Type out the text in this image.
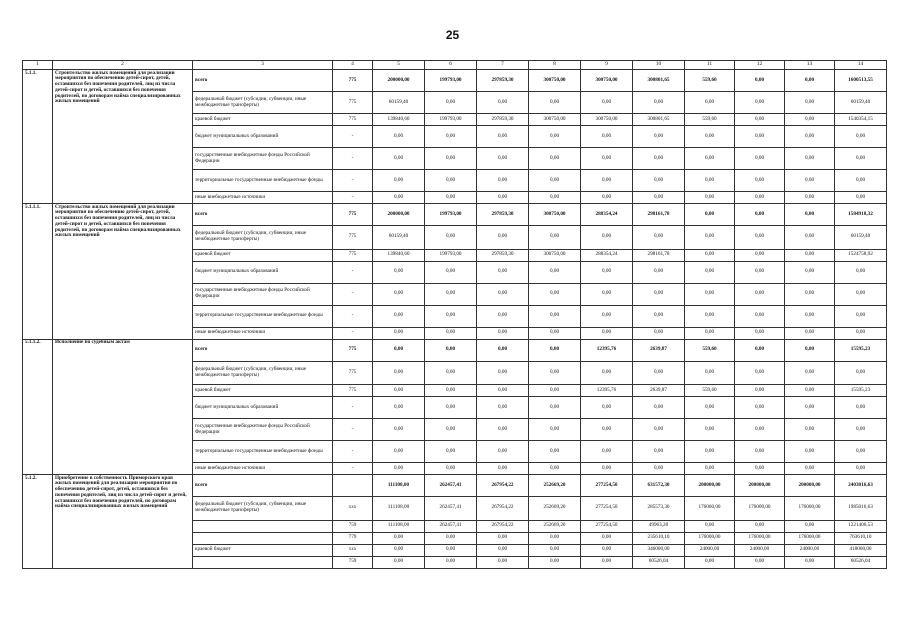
25
1	2	3	4	5	6	7	8	9	10	11	12	13	14
5.1.1.	Строительство жилых помещений для реализации мероприятия по обеспечению детей-сирот, детей, оставшихся без попечения родителей, лиц из числа детей-сирот и детей, оставшихся без попечения родителей, по договорам найма специализированных жилых помещений	всего	775	200000,00	199793,00	297859,30	300750,00	300750,00	300801,65	559,60	0,00	0,00	1600513,55
		федеральный бюджет (субсидии, субвенции, иные межбюджетные трансферты)	775	60159,40	0,00	0,00	0,00	0,00	0,00	0,00	0,00	0,00	60159,40
		краевой бюджет	775	139840,60	199793,00	297859,30	300750,00	300750,00	300801,65	559,60	0,00	0,00	1540354,15
		бюджет муниципальных образований	-	0,00	0,00	0,00	0,00	0,00	0,00	0,00	0,00	0,00	0,00
		государственные внебюджетные фонды Российской Федерации	-	0,00	0,00	0,00	0,00	0,00	0,00	0,00	0,00	0,00	0,00
		территориальные государственные внебюджетные фонды	-	0,00	0,00	0,00	0,00	0,00	0,00	0,00	0,00	0,00	0,00
		иные внебюджетные источники	-	0,00	0,00	0,00	0,00	0,00	0,00	0,00	0,00	0,00	0,00
5.1.1.1.	Строительство жилых помещений для реализации мероприятия по обеспечению детей-сирот, детей, оставшихся без попечения родителей, лиц из числа детей-сирот и детей, оставшихся без попечения родителей, по договорам найма специализированных жилых помещений	всего	775	200000,00	199793,00	297859,30	300750,00	288354,24	298161,78	0,00	0,00	0,00	1584918,32
		федеральный бюджет (субсидии, субвенции, иные межбюджетные трансферты)	775	60159,40	0,00	0,00	0,00	0,00	0,00	0,00	0,00	0,00	60159,40
		краевой бюджет	775	139840,60	199793,00	297859,30	300750,00	288354,24	298161,78	0,00	0,00	0,00	1524758,92
		бюджет муниципальных образований	-	0,00	0,00	0,00	0,00	0,00	0,00	0,00	0,00	0,00	0,00
		государственные внебюджетные фонды Российской Федерации	-	0,00	0,00	0,00	0,00	0,00	0,00	0,00	0,00	0,00	0,00
		территориальные государственные внебюджетные фонды	-	0,00	0,00	0,00	0,00	0,00	0,00	0,00	0,00	0,00	0,00
		иные внебюджетные источники	-	0,00	0,00	0,00	0,00	0,00	0,00	0,00	0,00	0,00	0,00
5.1.1.2.	Исполнение по судебным актам	всего	775	0,00	0,00	0,00	0,00	12395,76	2639,87	559,60	0,00	0,00	15595,23
		федеральный бюджет (субсидии, субвенции, иные межбюджетные трансферты)	775	0,00	0,00	0,00	0,00	0,00	0,00	0,00	0,00	0,00	0,00
		краевой бюджет	775	0,00	0,00	0,00	0,00	12395,76	2639,87	559,60	0,00	0,00	15595,23
		бюджет муниципальных образований	-	0,00	0,00	0,00	0,00	0,00	0,00	0,00	0,00	0,00	0,00
		государственные внебюджетные фонды Российской Федерации	-	0,00	0,00	0,00	0,00	0,00	0,00	0,00	0,00	0,00	0,00
		территориальные государственные внебюджетные фонды	-	0,00	0,00	0,00	0,00	0,00	0,00	0,00	0,00	0,00	0,00
		иные внебюджетные источники	-	0,00	0,00	0,00	0,00	0,00	0,00	0,00	0,00	0,00	0,00
5.1.2.	Приобретение в собственность Приморского края жилых помещений для реализации мероприятия по обеспечению детей-сирот, детей, оставшихся без попечения родителей, лиц из числа детей-сирот и детей, оставшихся без попечения родителей, по договорам найма специализированных жилых помещений	всего		111108,00	262457,41	267954,22	252669,20	277254,50	631572,30	200000,00	200000,00	200000,00	2403016,63
		федеральный бюджет (субсидии, субвенции, иные межбюджетные трансферты)	ххх	111108,00	262457,41	267954,22	252669,20	277254,50	285573,30	176000,00	176000,00	176000,00	1985016,63
			759	111108,00	262457,41	267954,22	252669,20	277254,50	49963,20	0,00	0,00	0,00	1221406,53
			779	0,00	0,00	0,00	0,00	0,00	235610,10	176000,00	176000,00	176000,00	763610,10
		краевой бюджет	ххх	0,00	0,00	0,00	0,00	0,00	346000,00	24000,00	24000,00	24000,00	418000,00
			759	0,00	0,00	0,00	0,00	0,00	60526,04	0,00	0,00	0,00	60526,04
